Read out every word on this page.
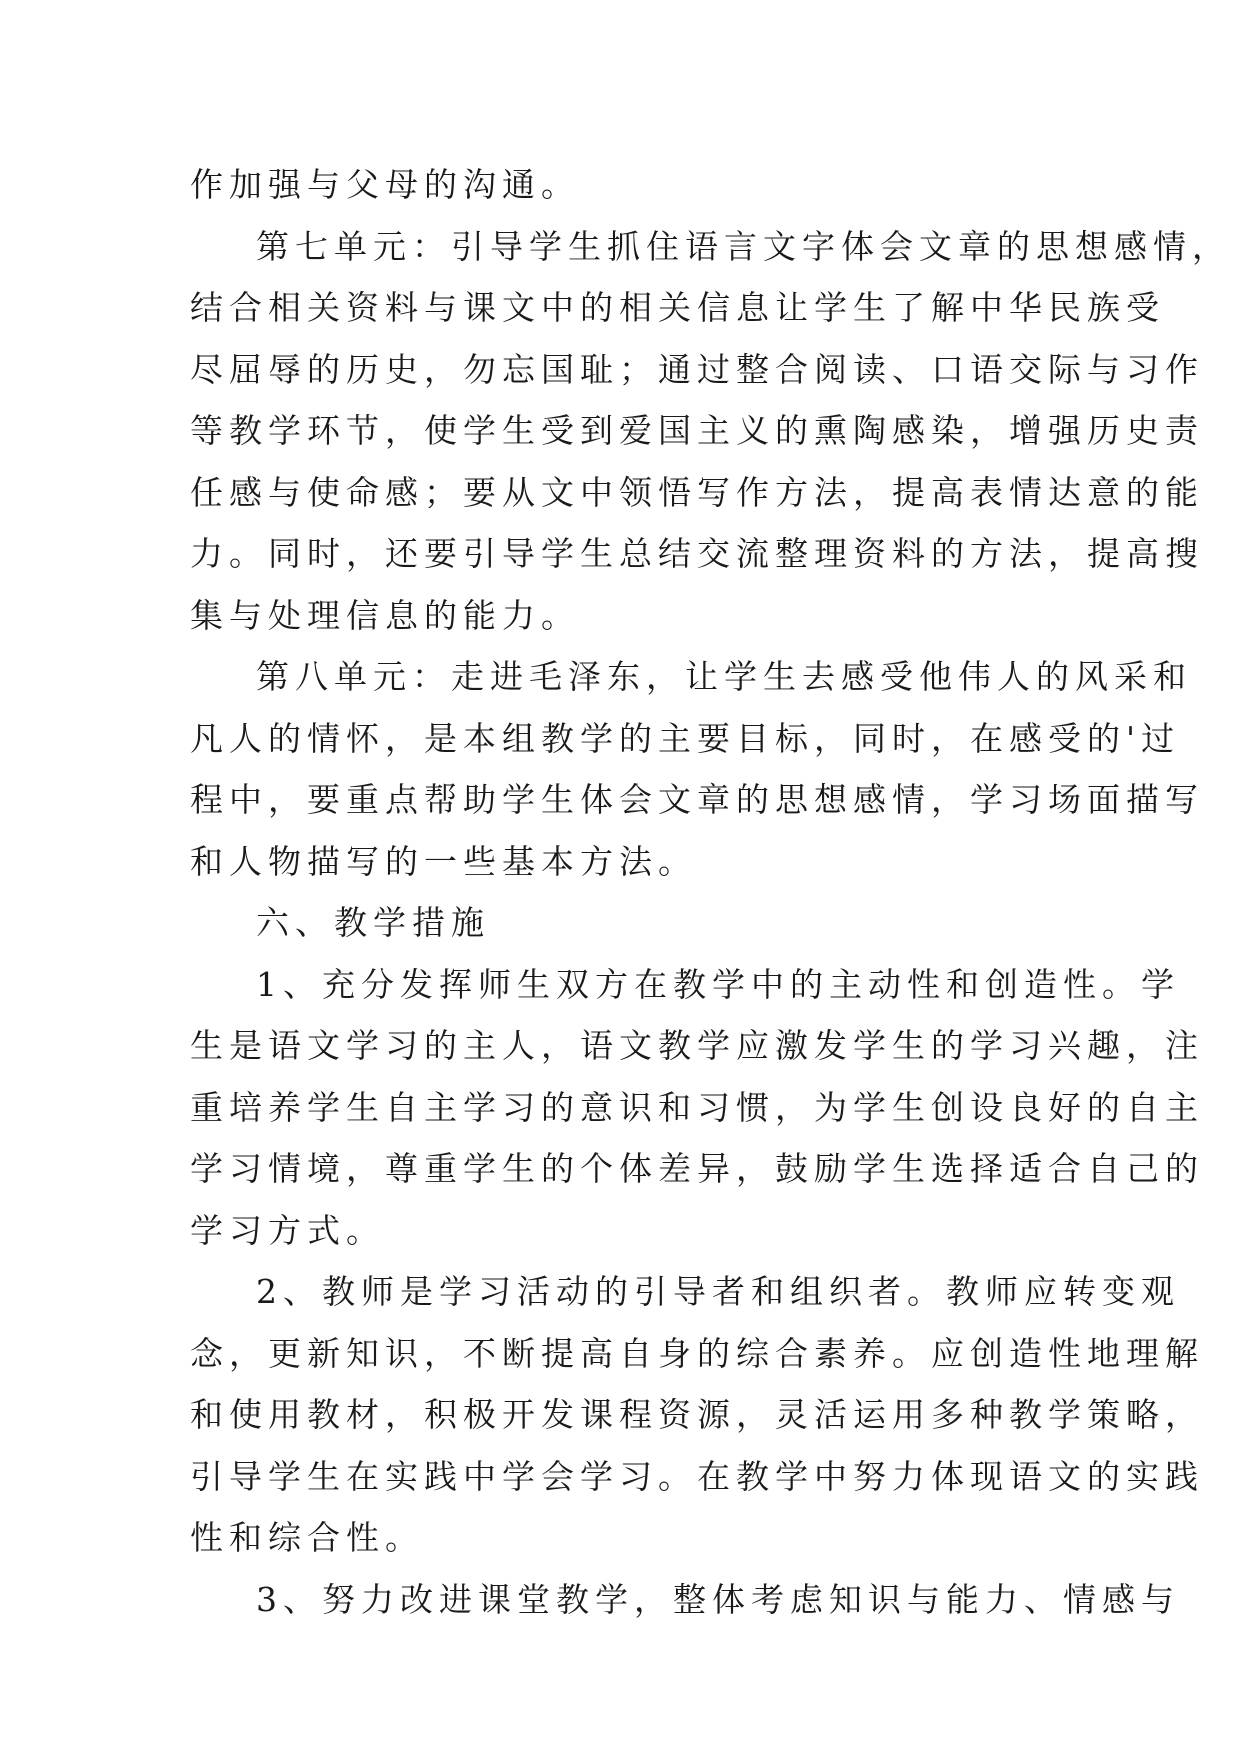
作加强与父母的沟通。
第七单元：引导学生抓住语言文字体会文章的思想感情，
结合相关资料与课文中的相关信息让学生了解中华民族受
尽屈辱的历史，勿忘国耻；通过整合阅读、口语交际与习作
等教学环节，使学生受到爱国主义的熏陶感染，增强历史责
任感与使命感；要从文中领悟写作方法，提高表情达意的能
力。同时，还要引导学生总结交流整理资料的方法，提高搜
集与处理信息的能力。
第八单元：走进毛泽东，让学生去感受他伟人的风采和
凡人的情怀，是本组教学的主要目标，同时，在感受的'过
程中，要重点帮助学生体会文章的思想感情，学习场面描写
和人物描写的一些基本方法。
六、教学措施
1、充分发挥师生双方在教学中的主动性和创造性。学
生是语文学习的主人，语文教学应激发学生的学习兴趣，注
重培养学生自主学习的意识和习惯，为学生创设良好的自主
学习情境，尊重学生的个体差异，鼓励学生选择适合自己的
学习方式。
2、教师是学习活动的引导者和组织者。教师应转变观
念，更新知识，不断提高自身的综合素养。应创造性地理解
和使用教材，积极开发课程资源，灵活运用多种教学策略，
引导学生在实践中学会学习。在教学中努力体现语文的实践
性和综合性。
3、努力改进课堂教学，整体考虑知识与能力、情感与
